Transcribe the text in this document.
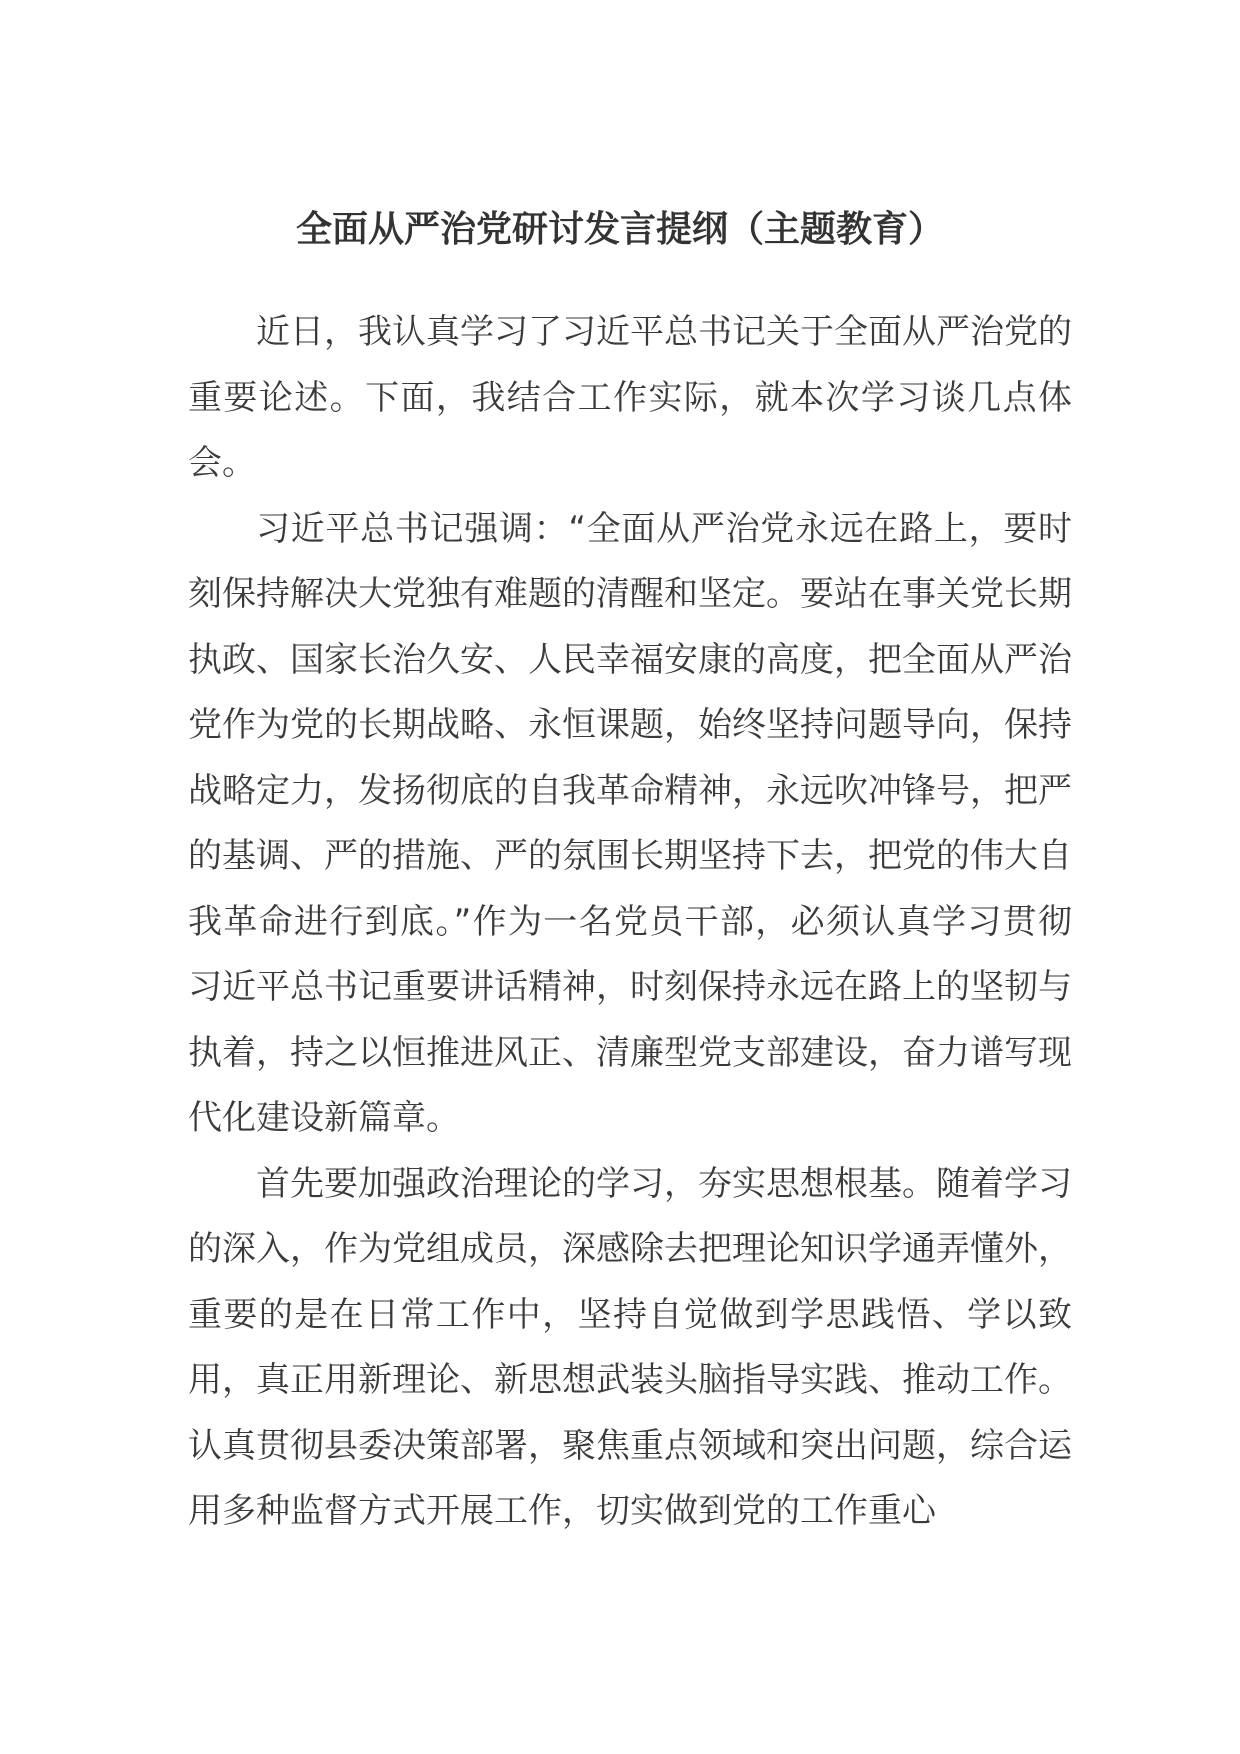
全面从严治党研讨发言提纲（主题教育）

近日，我认真学习了习近平总书记关于全面从严治党的重要论述。下面，我结合工作实际，就本次学习谈几点体会。

习近平总书记强调：“全面从严治党永远在路上，要时刻保持解决大党独有难题的清醒和坚定。要站在事关党长期执政、国家长治久安、人民幸福安康的高度，把全面从严治党作为党的长期战略、永恒课题，始终坚持问题导向，保持战略定力，发扬彻底的自我革命精神，永远吹冲锋号，把严的基调、严的措施、严的氛围长期坚持下去，把党的伟大自我革命进行到底。”作为一名党员干部，必须认真学习贯彻习近平总书记重要讲话精神，时刻保持永远在路上的坚韧与执着，持之以恒推进风正、清廉型党支部建设，奋力谱写现代化建设新篇章。

首先要加强政治理论的学习，夯实思想根基。随着学习的深入，作为党组成员，深感除去把理论知识学通弄懂外，重要的是在日常工作中，坚持自觉做到学思践悟、学以致用，真正用新理论、新思想武装头脑指导实践、推动工作。认真贯彻县委决策部署，聚焦重点领域和突出问题，综合运用多种监督方式开展工作，切实做到党的工作重心
